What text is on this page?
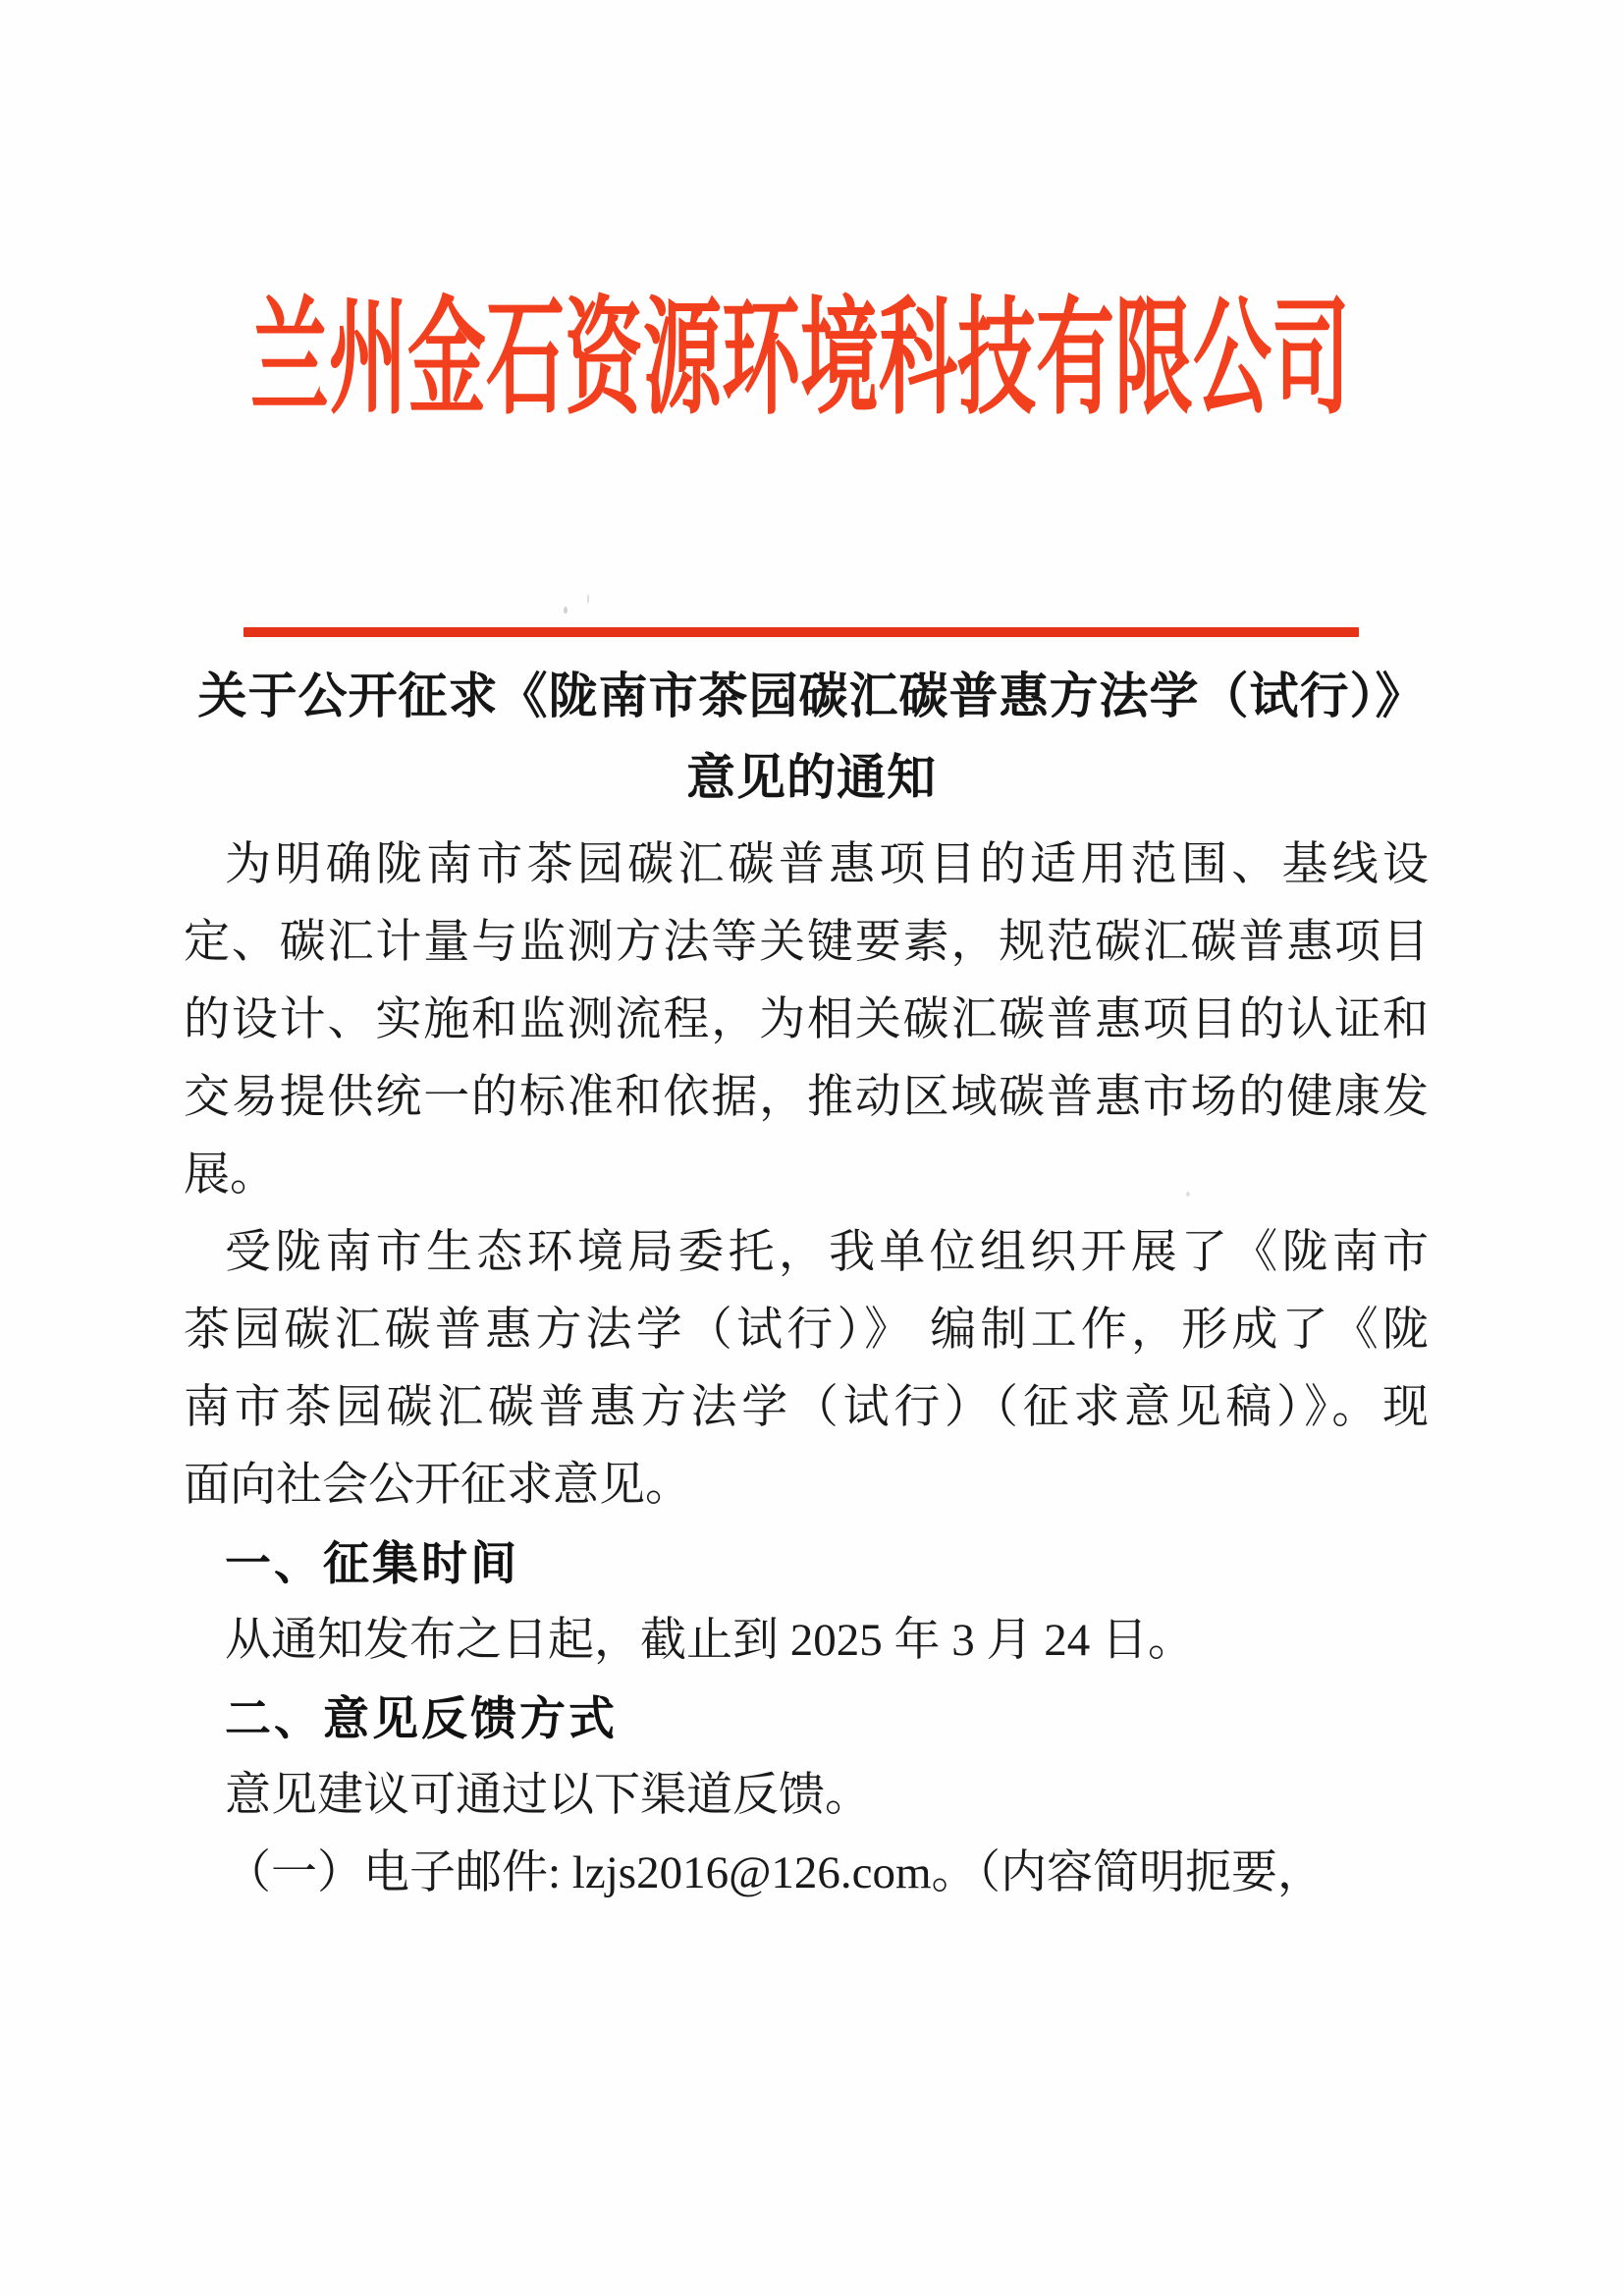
兰州金石资源环境科技有限公司
关于公开征求《陇南市茶园碳汇碳普惠方法学（试行）》
意见的通知
为明确陇南市茶园碳汇碳普惠项目的适用范围、基线设
定、碳汇计量与监测方法等关键要素，规范碳汇碳普惠项目
的设计、实施和监测流程，为相关碳汇碳普惠项目的认证和
交易提供统一的标准和依据，推动区域碳普惠市场的健康发
展。
受陇南市生态环境局委托，我单位组织开展了《陇南市
茶园碳汇碳普惠方法学（试行）》 编制工作，形成了《陇
南市茶园碳汇碳普惠方法学（试行）（征求意见稿）》。现
面向社会公开征求意见。
一、征集时间
从通知发布之日起，截止到 2025 年 3 月 24 日。
二、意见反馈方式
意见建议可通过以下渠道反馈。
（一）电子邮件: lzjs2016@126.com。（内容简明扼要，
